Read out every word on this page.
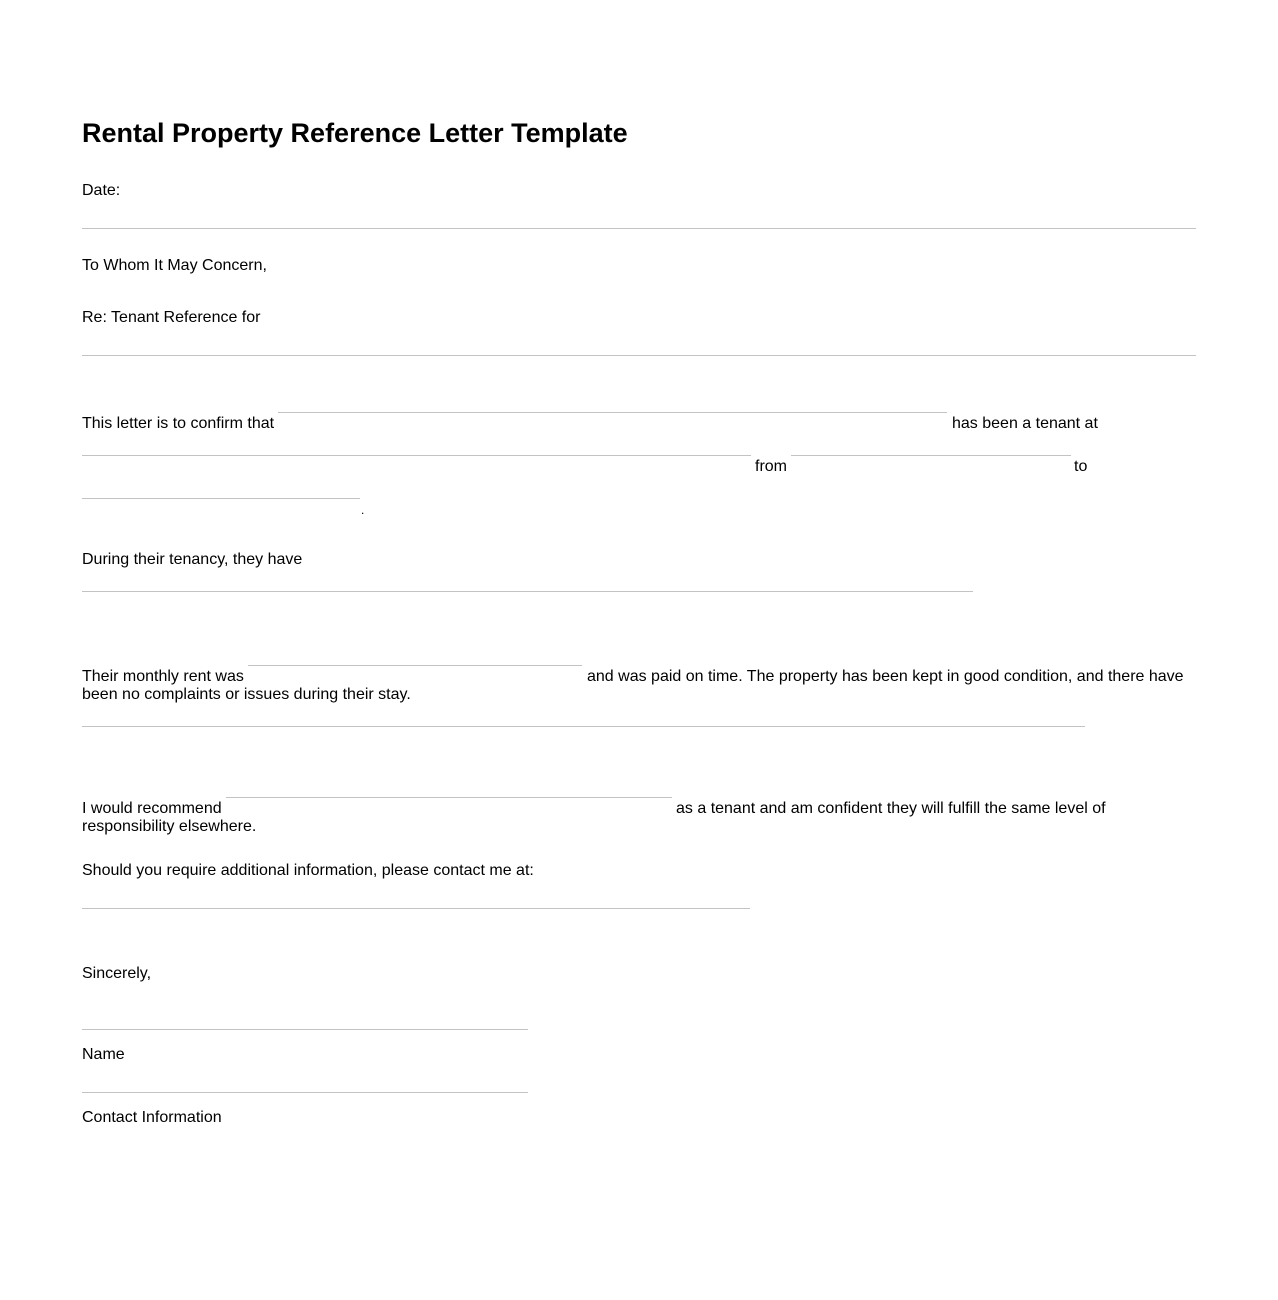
Rental Property Reference Letter Template
Date:
To Whom It May Concern,
Re: Tenant Reference for
This letter is to confirm that	has been a tenant at
from	to
.
During their tenancy, they have
Their monthly rent was	and was paid on time. The property has been kept in good condition, and there have
been no complaints or issues during their stay.
I would recommend	as a tenant and am confident they will fulfill the same level of
responsibility elsewhere.
Should you require additional information, please contact me at:
Sincerely,
Name
Contact Information
